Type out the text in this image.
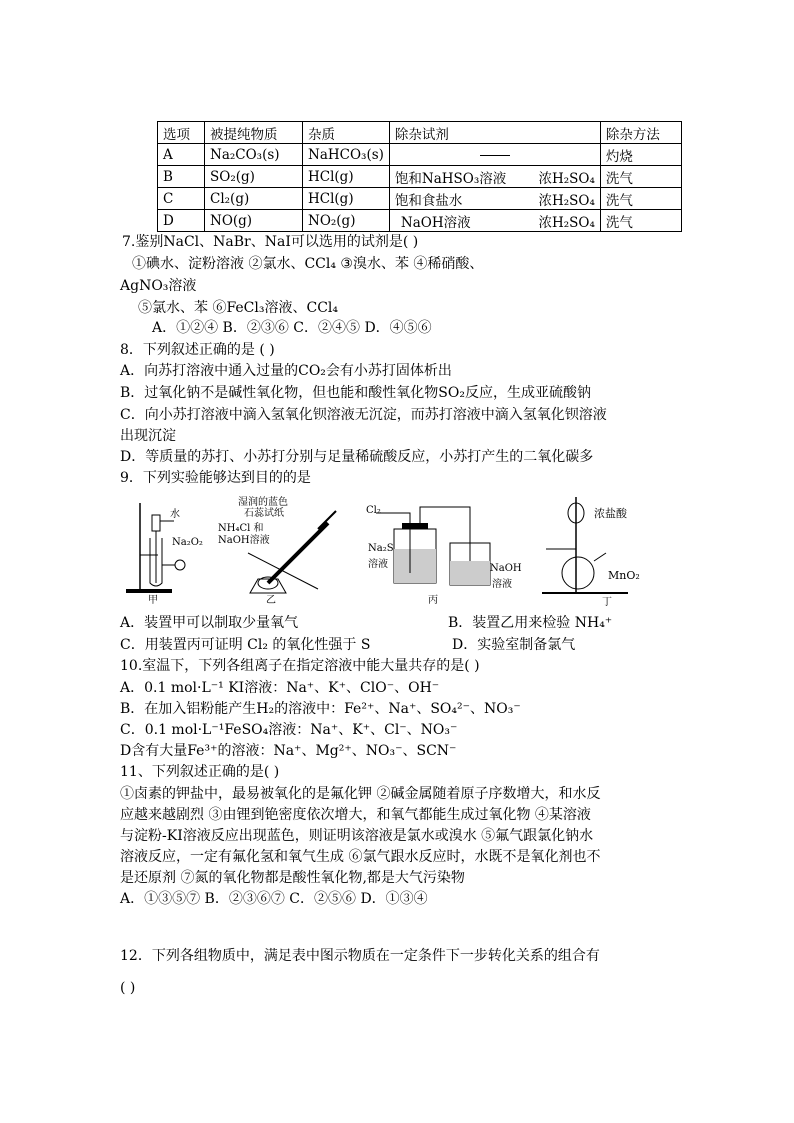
选项	被提纯物质	杂质	除杂试剂	除杂方法
A	Na₂CO₃(s)	NaHCO₃(s)		灼烧
B	SO₂(g)	HCl(g)	饱和NaHSO₃溶液 浓H₂SO₄	洗气
C	Cl₂(g)	HCl(g)	饱和食盐水 浓H₂SO₄	洗气
D	NO(g)	NO₂(g)	NaOH溶液 浓H₂SO₄	洗气
7.鉴别NaCl、NaBr、NaI可以选用的试剂是( )
①碘水、淀粉溶液 ②氯水、CCl₄ ③溴水、苯 ④稀硝酸、
AgNO₃溶液
⑤氯水、苯 ⑥FeCl₃溶液、CCl₄
A．①②④ B．②③⑥ C．②④⑤ D．④⑤⑥
8．下列叙述正确的是 ( )
A．向苏打溶液中通入过量的CO₂会有小苏打固体析出
B．过氧化钠不是碱性氧化物，但也能和酸性氧化物SO₂反应，生成亚硫酸钠
C．向小苏打溶液中滴入氢氧化钡溶液无沉淀，而苏打溶液中滴入氢氧化钡溶液
出现沉淀
D．等质量的苏打、小苏打分别与足量稀硫酸反应，小苏打产生的二氧化碳多
9．下列实验能够达到目的的是
水
Na₂O₂
甲
湿润的蓝色
石蕊试纸
NH₄Cl 和
NaOH溶液
乙
Cl₂
Na₂S
溶液	NaOH
溶液
丙
浓盐酸
MnO₂
丁
A．装置甲可以制取少量氧气	B．装置乙用来检验 NH₄⁺
C．用装置丙可证明 Cl₂ 的氧化性强于 S	D．实验室制备氯气
10.室温下，下列各组离子在指定溶液中能大量共存的是( )
A．0.1 mol·L⁻¹ KI溶液：Na⁺、K⁺、ClO⁻、OH⁻
B．在加入铝粉能产生H₂的溶液中：Fe²⁺、Na⁺、SO₄²⁻、NO₃⁻
C．0.1 mol·L⁻¹FeSO₄溶液：Na⁺、K⁺、Cl⁻、NO₃⁻
D含有大量Fe³⁺的溶液：Na⁺、Mg²⁺、NO₃⁻、SCN⁻
11、下列叙述正确的是( )
①卤素的钾盐中，最易被氧化的是氟化钾 ②碱金属随着原子序数增大，和水反
应越来越剧烈 ③由锂到铯密度依次增大，和氧气都能生成过氧化物 ④某溶液
与淀粉-KI溶液反应出现蓝色，则证明该溶液是氯水或溴水 ⑤氟气跟氯化钠水
溶液反应，一定有氟化氢和氧气生成 ⑥氯气跟水反应时，水既不是氧化剂也不
是还原剂 ⑦氮的氧化物都是酸性氧化物,都是大气污染物
A．①③⑤⑦ B．②③⑥⑦ C．②⑤⑥ D．①③④
12．下列各组物质中，满足表中图示物质在一定条件下一步转化关系的组合有
( )
